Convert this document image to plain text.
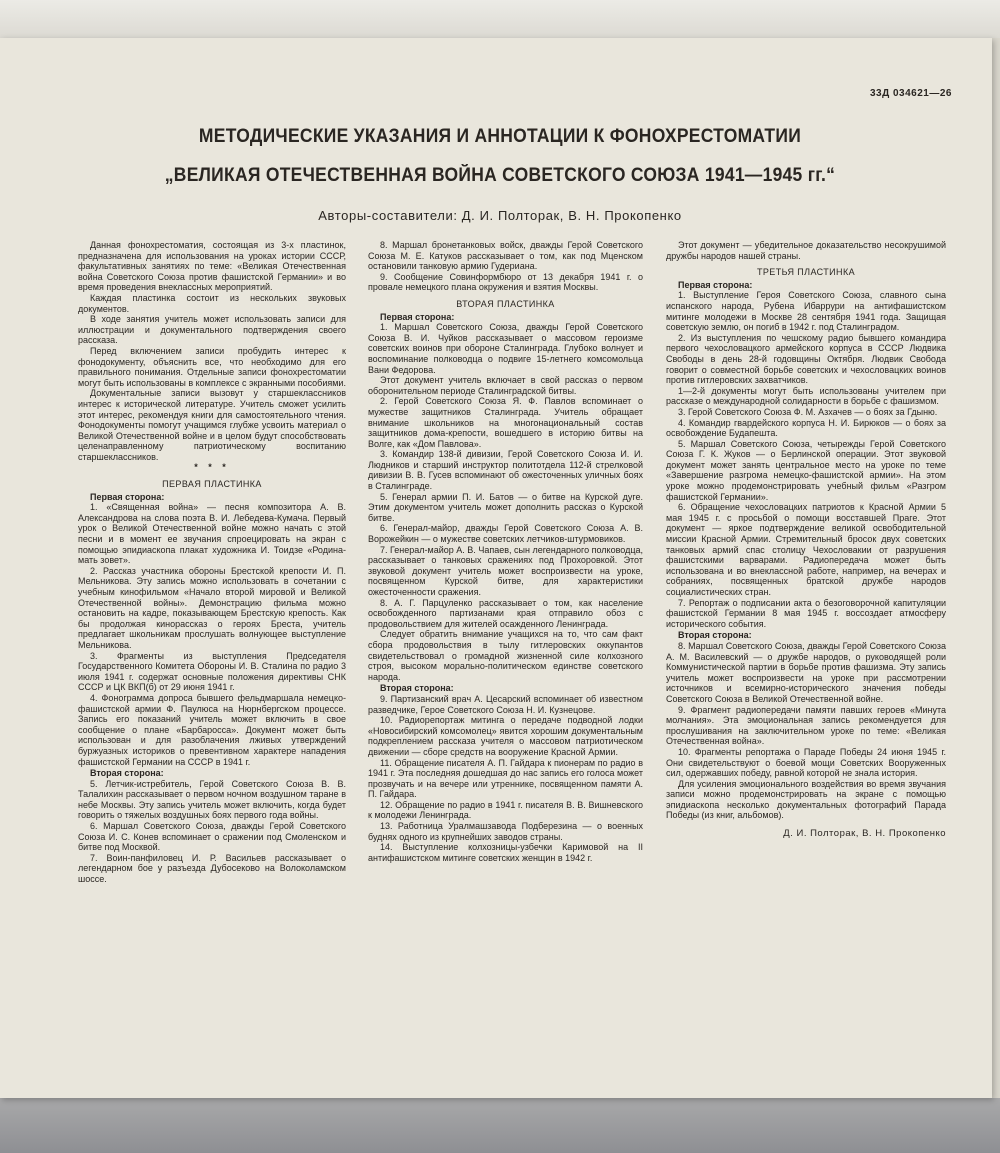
33Д 034621—26
МЕТОДИЧЕСКИЕ УКАЗАНИЯ И АННОТАЦИИ К ФОНОХРЕСТОМАТИИ
„ВЕЛИКАЯ ОТЕЧЕСТВЕННАЯ ВОЙНА СОВЕТСКОГО СОЮЗА 1941—1945 гг.“
Авторы-составители: Д. И. Полторак, В. Н. Прокопенко

Данная фонохрестоматия, состоящая из 3-х пластинок, предназначена для использования на уроках истории СССР, факультативных занятиях по теме: «Великая Отечественная война Советского Союза против фашистской Германии» и во время проведения внеклассных мероприятий.

Каждая пластинка состоит из нескольких звуковых документов.

В ходе занятия учитель может использовать записи для иллюстрации и документального подтверждения своего рассказа.

Перед включением записи пробудить интерес к фонодокументу, объяснить все, что необходимо для его правильного понимания. Отдельные записи фонохрестоматии могут быть использованы в комплексе с экранными пособиями.

Документальные записи вызовут у старшеклассников интерес к исторической литературе. Учитель сможет усилить этот интерес, рекомендуя книги для самостоятельного чтения. Фонодокументы помогут учащимся глубже усвоить материал о Великой Отечественной войне и в целом будут способствовать целенаправленному патриотическому воспитанию старшеклассников.

* * *

ПЕРВАЯ ПЛАСТИНКА

Первая сторона:

1. «Священная война» — песня композитора А. В. Александрова на слова поэта В. И. Лебедева-Кумача. Первый урок о Великой Отечественной войне можно начать с этой песни и в момент ее звучания спроецировать на экран с помощью эпидиаскопа плакат художника И. Тоидзе «Родина-мать зовет».

2. Рассказ участника обороны Брестской крепости И. П. Мельникова. Эту запись можно использовать в сочетании с учебным кинофильмом «Начало второй мировой и Великой Отечественной войны». Демонстрацию фильма можно остановить на кадре, показывающем Брестскую крепость. Как бы продолжая кинорассказ о героях Бреста, учитель предлагает школьникам прослушать волнующее выступление Мельникова.

3. Фрагменты из выступления Председателя Государственного Комитета Обороны И. В. Сталина по радио 3 июля 1941 г. содержат основные положения директивы СНК СССР и ЦК ВКП(б) от 29 июня 1941 г.

4. Фонограмма допроса бывшего фельдмаршала немецко-фашистской армии Ф. Паулюса на Нюрнбергском процессе. Запись его показаний учитель может включить в свое сообщение о плане «Барбаросса». Документ может быть использован и для разоблачения лживых утверждений буржуазных историков о превентивном характере нападения фашистской Германии на СССР в 1941 г.

Вторая сторона:

5. Летчик-истребитель, Герой Советского Союза В. В. Талалихин рассказывает о первом ночном воздушном таране в небе Москвы. Эту запись учитель может включить, когда будет говорить о тяжелых воздушных боях первого года войны.

6. Маршал Советского Союза, дважды Герой Советского Союза И. С. Конев вспоминает о сражении под Смоленском и битве под Москвой.

7. Воин-панфиловец И. Р. Васильев рассказывает о легендарном бое у разъезда Дубосеково на Волоколамском шоссе.

8. Маршал бронетанковых войск, дважды Герой Советского Союза М. Е. Катуков рассказывает о том, как под Мценском остановили танковую армию Гудериана.

9. Сообщение Совинформбюро от 13 декабря 1941 г. о провале немецкого плана окружения и взятия Москвы.

ВТОРАЯ ПЛАСТИНКА

Первая сторона:

1. Маршал Советского Союза, дважды Герой Советского Союза В. И. Чуйков рассказывает о массовом героизме советских воинов при обороне Сталинграда. Глубоко волнует и воспоминание полководца о подвиге 15-летнего комсомольца Вани Федорова.

Этот документ учитель включает в свой рассказ о первом оборонительном периоде Сталинградской битвы.

2. Герой Советского Союза Я. Ф. Павлов вспоминает о мужестве защитников Сталинграда. Учитель обращает внимание школьников на многонациональный состав защитников дома-крепости, вошедшего в историю битвы на Волге, как «Дом Павлова».

3. Командир 138-й дивизии, Герой Советского Союза И. И. Людников и старший инструктор политотдела 112-й стрелковой дивизии В. В. Гусев вспоминают об ожесточенных уличных боях в Сталинграде.

5. Генерал армии П. И. Батов — о битве на Курской дуге. Этим документом учитель может дополнить рассказ о Курской битве.

6. Генерал-майор, дважды Герой Советского Союза А. В. Ворожейкин — о мужестве советских летчиков-штурмовиков.

7. Генерал-майор А. В. Чапаев, сын легендарного полководца, рассказывает о танковых сражениях под Прохоровкой. Этот звуковой документ учитель может воспроизвести на уроке, посвященном Курской битве, для характеристики ожесточенности сражения.

8. А. Г. Парцуленко рассказывает о том, как население освобожденного партизанами края отправило обоз с продовольствием для жителей осажденного Ленинграда.

Следует обратить внимание учащихся на то, что сам факт сбора продовольствия в тылу гитлеровских оккупантов свидетельствовал о громадной жизненной силе колхозного строя, высоком морально-политическом единстве советского народа.

Вторая сторона:

9. Партизанский врач А. Цесарский вспоминает об известном разведчике, Герое Советского Союза Н. И. Кузнецове.

10. Радиорепортаж митинга о передаче подводной лодки «Новосибирский комсомолец» явится хорошим документальным подкреплением рассказа учителя о массовом патриотическом движении — сборе средств на вооружение Красной Армии.

11. Обращение писателя А. П. Гайдара к пионерам по радио в 1941 г. Эта последняя дошедшая до нас запись его голоса может прозвучать и на вечере или утреннике, посвященном памяти А. П. Гайдара.

12. Обращение по радио в 1941 г. писателя В. В. Вишневского к молодежи Ленинграда.

13. Работница Уралмашзавода Подберезина — о военных буднях одного из крупнейших заводов страны.

14. Выступление колхозницы-узбечки Каримовой на II антифашистском митинге советских женщин в 1942 г.

Этот документ — убедительное доказательство несокрушимой дружбы народов нашей страны.

ТРЕТЬЯ ПЛАСТИНКА

Первая сторона:

1. Выступление Героя Советского Союза, славного сына испанского народа, Рубена Ибаррури на антифашистском митинге молодежи в Москве 28 сентября 1941 года. Защищая советскую землю, он погиб в 1942 г. под Сталинградом.

2. Из выступления по чешскому радио бывшего командира первого чехословацкого армейского корпуса в СССР Людвика Свободы в день 28-й годовщины Октября. Людвик Свобода говорит о совместной борьбе советских и чехословацких воинов против гитлеровских захватчиков.

1—2-й документы могут быть использованы учителем при рассказе о международной солидарности в борьбе с фашизмом.

3. Герой Советского Союза Ф. М. Азхачев — о боях за Гдыню.

4. Командир гвардейского корпуса Н. И. Бирюков — о боях за освобождение Будапешта.

5. Маршал Советского Союза, четырежды Герой Советского Союза Г. К. Жуков — о Берлинской операции. Этот звуковой документ может занять центральное место на уроке по теме «Завершение разгрома немецко-фашистской армии». На этом уроке можно продемонстрировать учебный фильм «Разгром фашистской Германии».

6. Обращение чехословацких патриотов к Красной Армии 5 мая 1945 г. с просьбой о помощи восставшей Праге. Этот документ — яркое подтверждение великой освободительной миссии Красной Армии. Стремительный бросок двух советских танковых армий спас столицу Чехословакии от разрушения фашистскими варварами. Радиопередача может быть использована и во внеклассной работе, например, на вечерах и собраниях, посвященных братской дружбе народов социалистических стран.

7. Репортаж о подписании акта о безоговорочной капитуляции фашистской Германии 8 мая 1945 г. воссоздает атмосферу исторического события.

Вторая сторона:

8. Маршал Советского Союза, дважды Герой Советского Союза А. М. Василевский — о дружбе народов, о руководящей роли Коммунистической партии в борьбе против фашизма. Эту запись учитель может воспроизвести на уроке при рассмотрении источников и всемирно-исторического значения победы Советского Союза в Великой Отечественной войне.

9. Фрагмент радиопередачи памяти павших героев «Минута молчания». Эта эмоциональная запись рекомендуется для прослушивания на заключительном уроке по теме: «Великая Отечественная война».

10. Фрагменты репортажа о Параде Победы 24 июня 1945 г. Они свидетельствуют о боевой мощи Советских Вооруженных сил, одержавших победу, равной которой не знала история.

Для усиления эмоционального воздействия во время звучания записи можно продемонстрировать на экране с помощью эпидиаскопа несколько документальных фотографий Парада Победы (из книг, альбомов).

Д. И. Полторак, В. Н. Прокопенко
